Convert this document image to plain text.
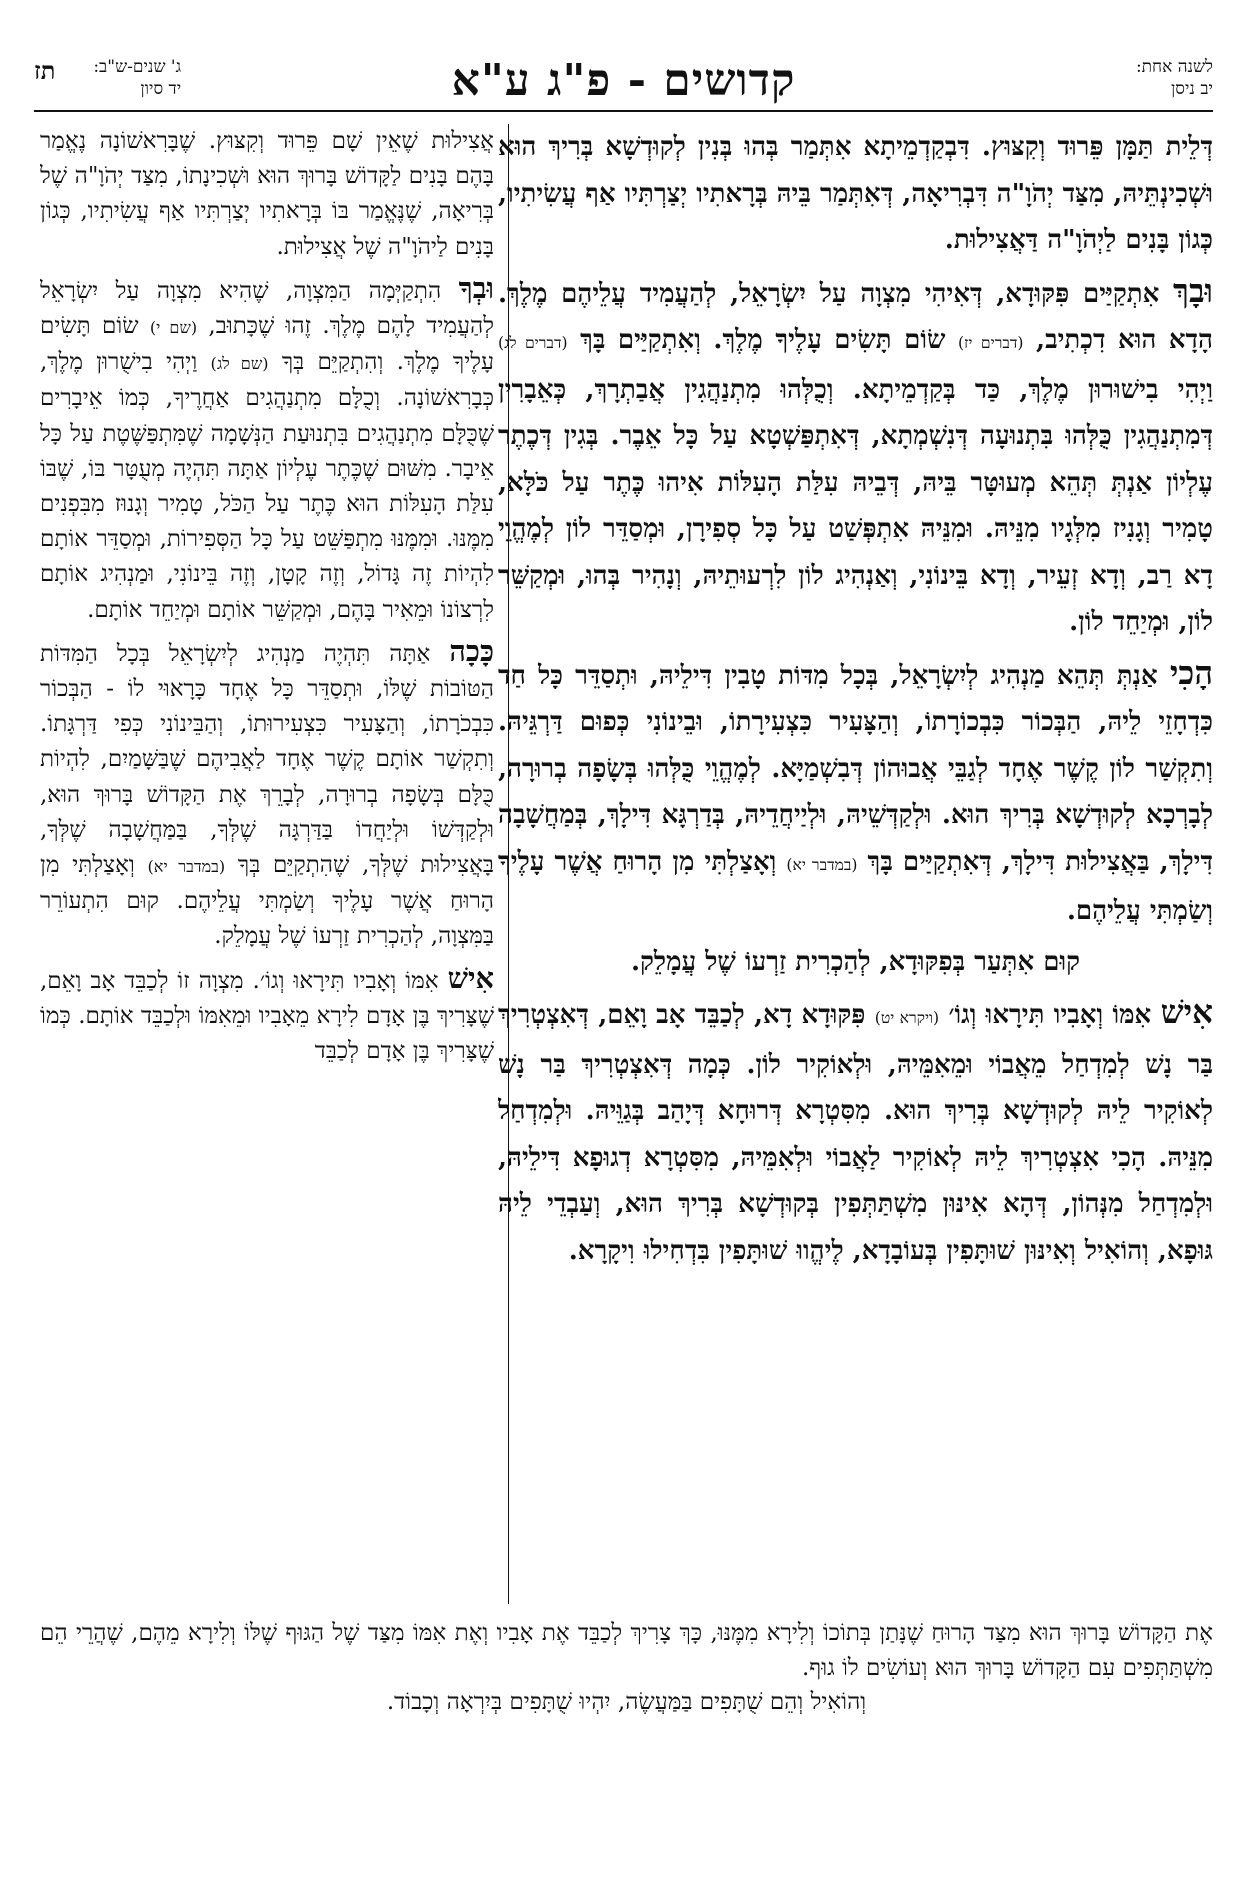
לשנה אחת:
יב ניסן
קדושים - פ"ג ע"א
ג' שנים-ש"ב:
יד סיון
תז

דְּלֵית תַּמָּן פֵּרוּד וְקִצּוּץ. דִּבְקַדְמֵיתָא אִתְּמַר בְּהוּ בְּנִין לְקוּדְשָׁא בְּרִיךְ הוּא וּשְׁכִינְתֵּיהּ, מִצַּד יְהֹוָ"ה דִּבְרִיאָה, דְּאִתְּמַר בֵּיהּ בְּרָאתִיו יְצַרְתִּיו אַף עֲשִׂיתִיו, כְּגוֹן בָּנִים לַיְהֹוָ"ה דַּאֲצִילוּת.

וּבָךְ אִתְקַיַּים פִּקּוּדָא, דְּאִיהִי מִצְוָה עַל יִשְׂרָאֵל, לְהַעֲמִיד עֲלֵיהֶם מֶלֶךְ. הָדָא הוּא דִכְתִיב, (דברים יז) שׂוֹם תָּשִׂים עָלֶיךָ מֶלֶךְ. וְאִתְקַיַּים בָּךְ (דברים לג) וַיְהִי בִישׁוּרוּן מֶלֶךְ, כַּד בְּקַדְמֵיתָא. וְכֻלְּהוּ מִתְנַהֲגִין אֲבַתְרָךְ, כְּאֵבָרִין דְּמִתְנַהֲגִין כֻּלְּהוּ בִּתְנוּעָה דְּנִשְׁמְתָא, דְּאִתְפַּשְׁטָא עַל כָּל אֵבֶר. בְּגִין דְּכֶתֶר עֶלְיוֹן אַנְתְּ תְּהֵא מְעוּטָּר בֵּיהּ, דְּבֵיהּ עִלַּת הָעִלּוֹת אִיהוּ כֶּתֶר עַל כֹּלָּא, טָמִיר וְגָנִיז מִלְּגָיו מִנֵּיהּ. וּמִנֵּיהּ אִתְפְּשַׁט עַל כָּל סְפִירָן, וּמְסַדֵּר לוֹן לְמֶהֱוֵי דָא רַב, וְדָא זְעֵיר, וְדָא בֵּינוֹנִי, וְאַנְהִיג לוֹן לִרְעוּתֵיהּ, וְנָהִיר בְּהוּ, וּמְקַשֵּׁר לוֹן, וּמְיַחֵד לוֹן.

הָכִי אַנְתְּ תְּהֵא מַנְהִיג לְיִשְׂרָאֵל, בְּכָל מִדּוֹת טָבִין דִּילֵיהּ, וּתְסַדֵּר כָּל חַד כִּדְחָזֵי לֵיהּ, הַבְּכוֹר כִּבְכוֹרָתוֹ, וְהַצָּעִיר כִּצְעִירָתוֹ, וּבֵינוֹנִי כְּפוּם דַּרְגֵּיהּ. וְתִקְשַׁר לוֹן קֶשֶׁר אֶחָד לְגַבֵּי אֲבוּהוֹן דְּבִשְׁמַיָּא. לְמֶהֱוֵי כֻּלְּהוּ בְּשָׂפָה בְרוּרָה, לְבָרְכָא לְקוּדְשָׁא בְּרִיךְ הוּא. וּלְקַדְּשֵׁיהּ, וּלְיַיחֲדֵיהּ, בְּדַרְגָּא דִּילָךְ, בְּמַחֲשָׁבָה דִּילָךְ, בַּאֲצִילוּת דִּילָךְ, דְּאִתְקַיַּים בָּךְ (במדבר יא) וְאָצַלְתִּי מִן הָרוּחַ אֲשֶׁר עָלֶיךָ וְשַׂמְתִּי עֲלֵיהֶם.

קוּם אִתְּעַר בְּפִקּוּדָא, לְהַכְרִית זַרְעוֹ שֶׁל עֲמָלֵק.

אִישׁ אִמּוֹ וְאָבִיו תִּירָאוּ וְגוֹ׳ (ויקרא יט) פִּקּוּדָא דָא, לְכַבֵּד אָב וָאֵם, דְּאִצְטְרִיךְ בַּר נָשׁ לְמִדְחַל מֵאֲבוֹי וּמֵאִמֵּיהּ, וּלְאוֹקִיר לוֹן. כְּמָה דְּאִצְטְרִיךְ בַּר נָשׁ לְאוֹקִיר לֵיהּ לְקוּדְשָׁא בְּרִיךְ הוּא. מִסִּטְרָא דְּרוּחָא דְּיָהַב בְּגַוֵּיהּ. וּלְמִדְחַל מִנֵּיהּ. הָכִי אִצְטְרִיךְ לֵיהּ לְאוֹקִיר לַאֲבוֹי וּלְאִמֵּיהּ, מִסִּטְרָא דְגוּפָא דִּילֵיהּ, וּלְמִדְחַל מִנְּהוֹן, דְּהָא אִינּוּן מִשְׁתַּתְּפִין בְּקוּדְשָׁא בְּרִיךְ הוּא, וְעַבְדֵי לֵיהּ גּוּפָא, וְהוֹאִיל וְאִינּוּן שׁוּתָּפִין בְּעוֹבָדָא, לֶיהֱווּ שׁוּתָּפִין בִּדְחִילוּ וִיקָרָא.

אֲצִילוּת שֶׁאֵין שָׁם פֵּרוּד וְקִצּוּץ. שֶׁבָּרִאשׁוֹנָה נֶאֱמַר בָּהֶם בָּנִים לַקָּדוֹשׁ בָּרוּךְ הוּא וּשְׁכִינָתוֹ, מִצַּד יְהֹוָ"ה שֶׁל בְּרִיאָה, שֶׁנֶּאֱמַר בּוֹ בְּרָאתִיו יְצַרְתִּיו אַף עֲשִׂיתִיו, כְּגוֹן בָּנִים לַיהֹוָ"ה שֶׁל אֲצִילוּת.

וּבְךָ הִתְקַיְּמָה הַמִּצְוָה, שֶׁהִיא מִצְוָה עַל יִשְׂרָאֵל לְהַעֲמִיד לָהֶם מֶלֶךְ. זֶהוּ שֶׁכָּתוּב, (שם י) שׂוֹם תָּשִׂים עָלֶיךָ מֶלֶךְ. וְהִתְקַיֵּם בְּךָ (שם לג) וַיְהִי בִישֻׁרוּן מֶלֶךְ, כְּבָרִאשׁוֹנָה. וְכֻלָּם מִתְנַהֲגִים אַחֲרֶיךָ, כְּמוֹ אֵיבָרִים שֶׁכֻּלָּם מִתְנַהֲגִים בִּתְנוּעַת הַנְּשָׁמָה שֶׁמִּתְפַּשֶּׁטֶת עַל כָּל אֵיבָר. מִשּׁוּם שֶׁכֶּתֶר עֶלְיוֹן אַתָּה תִּהְיֶה מְעֻטָּר בּוֹ, שֶׁבּוֹ עִלַּת הָעִלּוֹת הוּא כֶּתֶר עַל הַכֹּל, טָמִיר וְגָנוּז מִבִּפְנִים מִמֶּנּוּ. וּמִמֶּנּוּ מִתְפַּשֵּׁט עַל כָּל הַסְּפִירוֹת, וּמְסַדֵּר אוֹתָם לִהְיוֹת זֶה גָּדוֹל, וְזֶה קָטָן, וְזֶה בֵּינוֹנִי, וּמַנְהִיג אוֹתָם לִרְצוֹנוֹ וּמֵאִיר בָּהֶם, וּמְקַשֵּׁר אוֹתָם וּמְיַחֵד אוֹתָם.

כָּכָה אַתָּה תִּהְיֶה מַנְהִיג לְיִשְׂרָאֵל בְּכָל הַמִּדּוֹת הַטּוֹבוֹת שֶׁלּוֹ, וּתְסַדֵּר כָּל אֶחָד כָּרָאוּי לוֹ - הַבְּכוֹר כִּבְכֹרָתוֹ, וְהַצָּעִיר כִּצְעִירוּתוֹ, וְהַבֵּינוֹנִי כְּפִי דַּרְגָּתוֹ. וְתִקְשַׁר אוֹתָם קֶשֶׁר אֶחָד לַאֲבִיהֶם שֶׁבַּשָּׁמַיִם, לִהְיוֹת כֻּלָּם בְּשָׂפָה בְרוּרָה, לְבָרֵךְ אֶת הַקָּדוֹשׁ בָּרוּךְ הוּא, וּלְקַדְּשׁוֹ וּלְיַחֲדוֹ בַּדַּרְגָּה שֶׁלְּךָ, בַּמַּחֲשָׁבָה שֶׁלְּךָ, בָּאֲצִילוּת שֶׁלְּךָ, שֶׁהִתְקַיֵּם בְּךָ (במדבר יא) וְאָצַלְתִּי מִן הָרוּחַ אֲשֶׁר עָלֶיךָ וְשַׂמְתִּי עֲלֵיהֶם. קוּם הִתְעוֹרֵר בַּמִּצְוָה, לְהַכְרִית זַרְעוֹ שֶׁל עֲמָלֵק.

אִישׁ אִמּוֹ וְאָבִיו תִּירָאוּ וְגוֹ׳. מִצְוָה זוֹ לְכַבֵּד אָב וָאֵם, שֶׁצָּרִיךְ בֶּן אָדָם לִירָא מֵאָבִיו וּמֵאִמּוֹ וּלְכַבֵּד אוֹתָם. כְּמוֹ שֶׁצָּרִיךְ בֶּן אָדָם לְכַבֵּד

אֶת הַקָּדוֹשׁ בָּרוּךְ הוּא מִצַּד הָרוּחַ שֶׁנָּתַן בְּתוֹכוֹ וְלִירָא מִמֶּנּוּ, כָּךְ צָרִיךְ לְכַבֵּד אֶת אָבִיו וְאֶת אִמּוֹ מִצַּד שֶׁל הַגּוּף שֶׁלּוֹ וְלִירָא מֵהֶם, שֶׁהֲרֵי הֵם מִשְׁתַּתְּפִים עִם הַקָּדוֹשׁ בָּרוּךְ הוּא וְעוֹשִׂים לוֹ גוּף.
וְהוֹאִיל וְהֵם שֻׁתָּפִים בַּמַּעֲשֶׂה, יִהְיוּ שֻׁתָּפִים בְּיִרְאָה וְכָבוֹד.
